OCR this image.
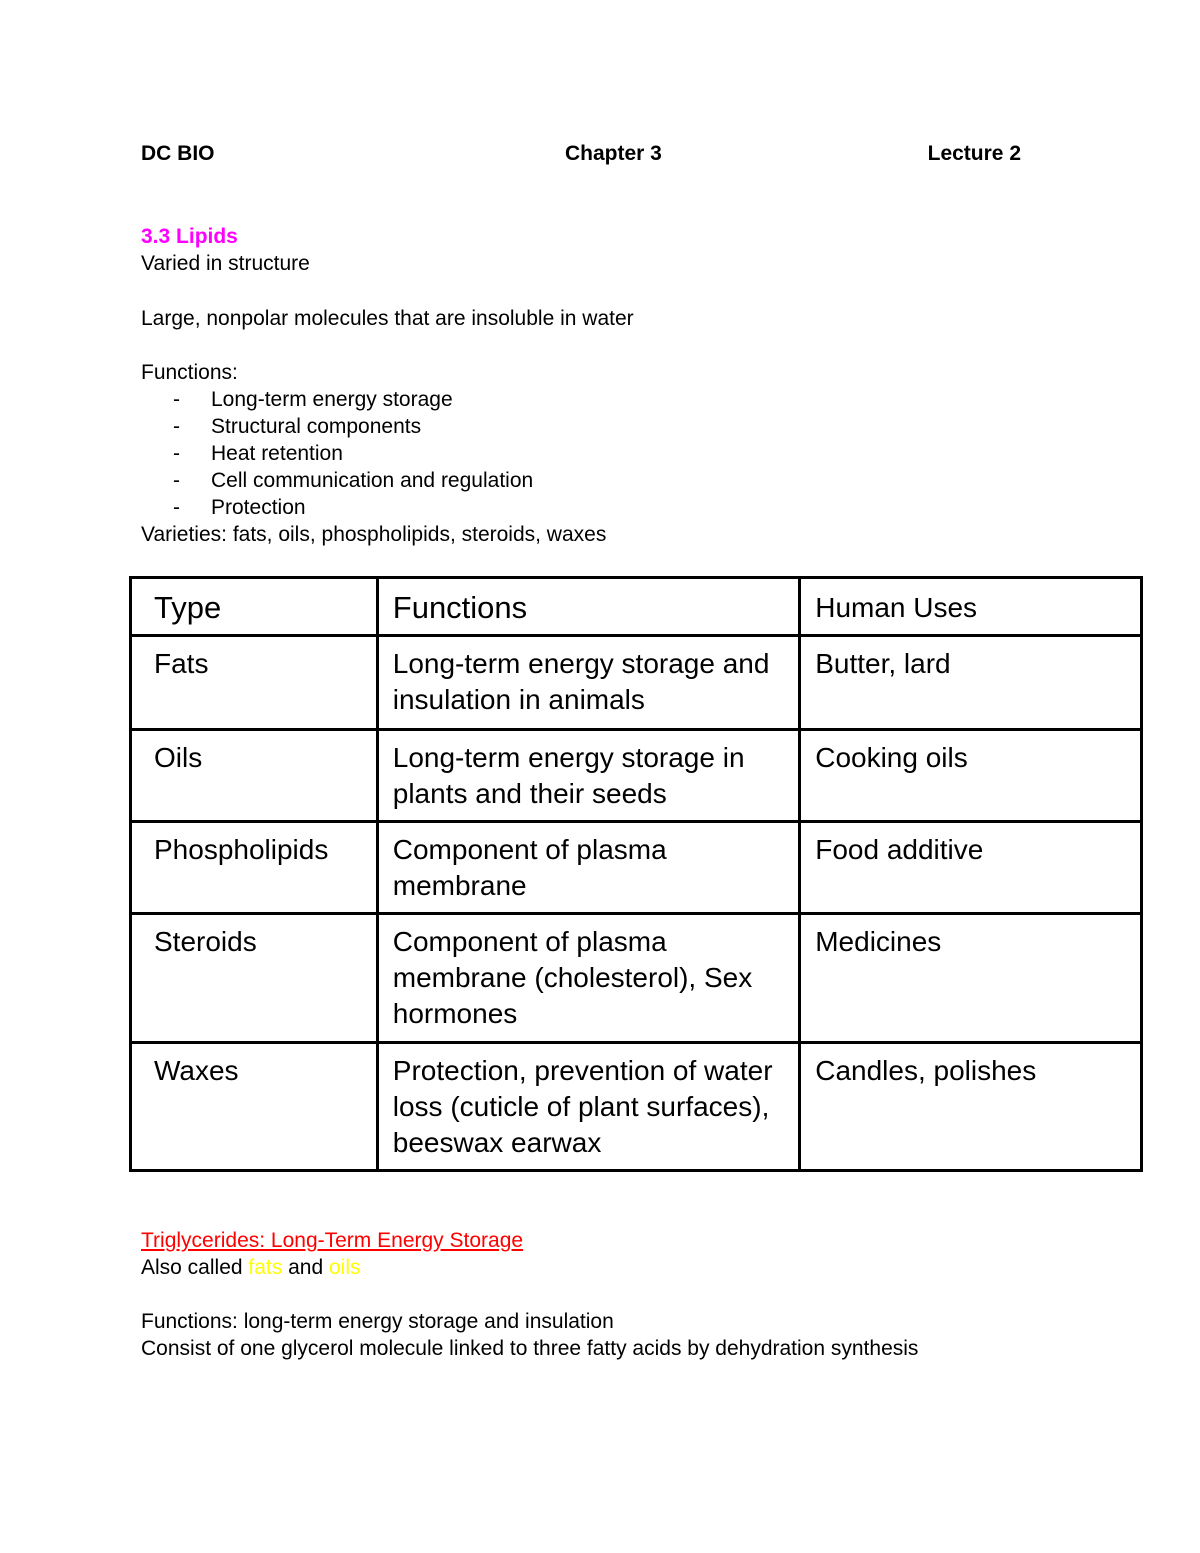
DC BIO	Chapter 3	Lecture 2
3.3 Lipids
Varied in structure
Large, nonpolar molecules that are insoluble in water
Functions:
- Long-term energy storage
- Structural components
- Heat retention
- Cell communication and regulation
- Protection
Varieties: fats, oils, phospholipids, steroids, waxes
Type	Functions	Human Uses
Fats	Long-term energy storage and insulation in animals	Butter, lard
Oils	Long-term energy storage in plants and their seeds	Cooking oils
Phospholipids	Component of plasma membrane	Food additive
Steroids	Component of plasma membrane (cholesterol), Sex hormones	Medicines
Waxes	Protection, prevention of water loss (cuticle of plant surfaces), beeswax earwax	Candles, polishes
Triglycerides: Long-Term Energy Storage
Also called fats and oils
Functions: long-term energy storage and insulation
Consist of one glycerol molecule linked to three fatty acids by dehydration synthesis
